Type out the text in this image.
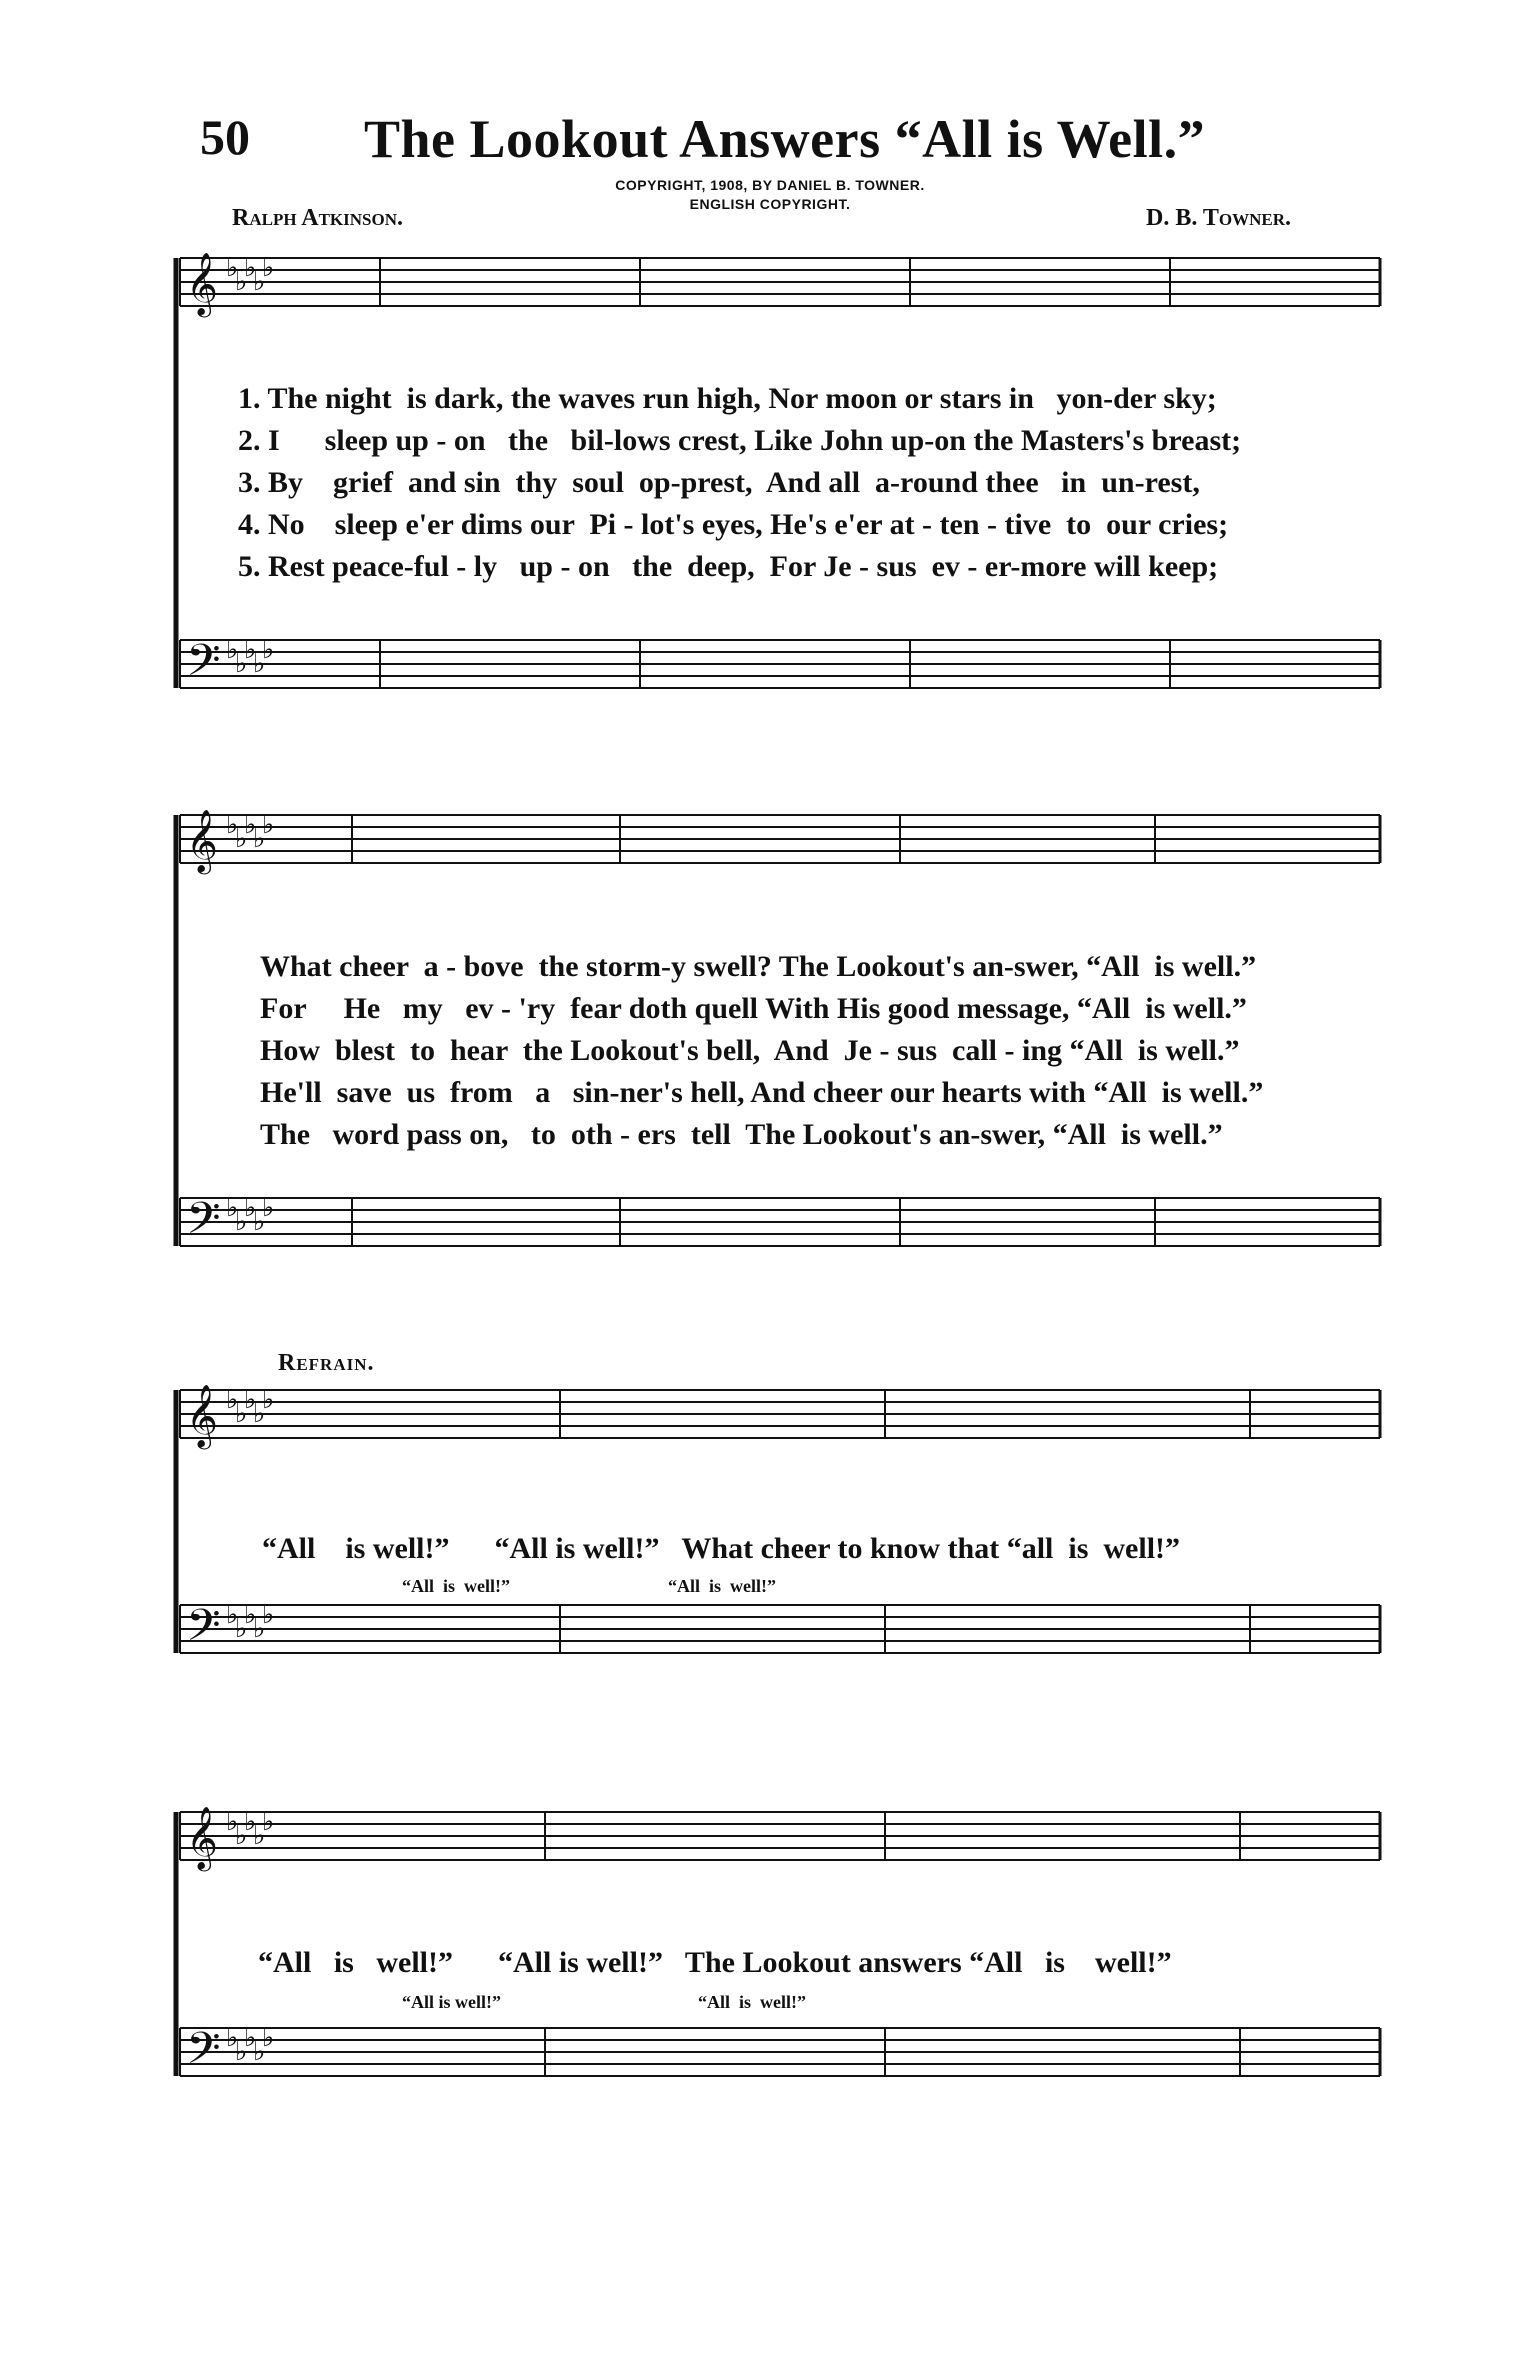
50 The Lookout Answers “All is Well.”
Ralph Atkinson.
COPYRIGHT, 1908, BY DANIEL B. TOWNER.
ENGLISH COPYRIGHT.
D. B. Towner.
𝄞 ♭
♭
♭
♭
♭
𝄢 ♭
♭
♭
♭
♭
𝄞 ♭
♭
♭
♭
♭
𝄢 ♭
♭
♭
♭
♭
𝄞 ♭
♭
♭
♭
♭
𝄢 ♭
♭
♭
♭
♭
𝄞 ♭
♭
♭
♭
♭
𝄢 ♭
♭
♭
♭
♭
1. The night  is dark, the waves run high, Nor moon or stars in   yon-der sky;
2. I      sleep up - on   the   bil-lows crest, Like John up-on the Masters's breast;
3. By    grief  and sin  thy  soul  op-prest,  And all  a-round thee   in  un-rest,
4. No    sleep e'er dims our  Pi - lot's eyes, He's e'er at - ten - tive  to  our cries;
5. Rest peace-ful - ly   up - on   the  deep,  For Je - sus  ev - er-more will keep;
What cheer  a - bove  the storm-y swell? The Lookout's an-swer, “All  is well.”
For     He   my   ev - 'ry  fear doth quell With His good message, “All  is well.”
How  blest  to  hear  the Lookout's bell,  And  Je - sus  call - ing “All  is well.”
He'll  save  us  from   a   sin-ner's hell, And cheer our hearts with “All  is well.”
The   word pass on,   to  oth - ers  tell  The Lookout's an-swer, “All  is well.”
Refrain.
“All    is well!”      “All is well!”   What cheer to know that “all  is  well!”
“All  is  well!”	“All  is  well!”
“All   is   well!”      “All is well!”   The Lookout answers “All   is    well!”
“All is well!”	“All  is  well!”
